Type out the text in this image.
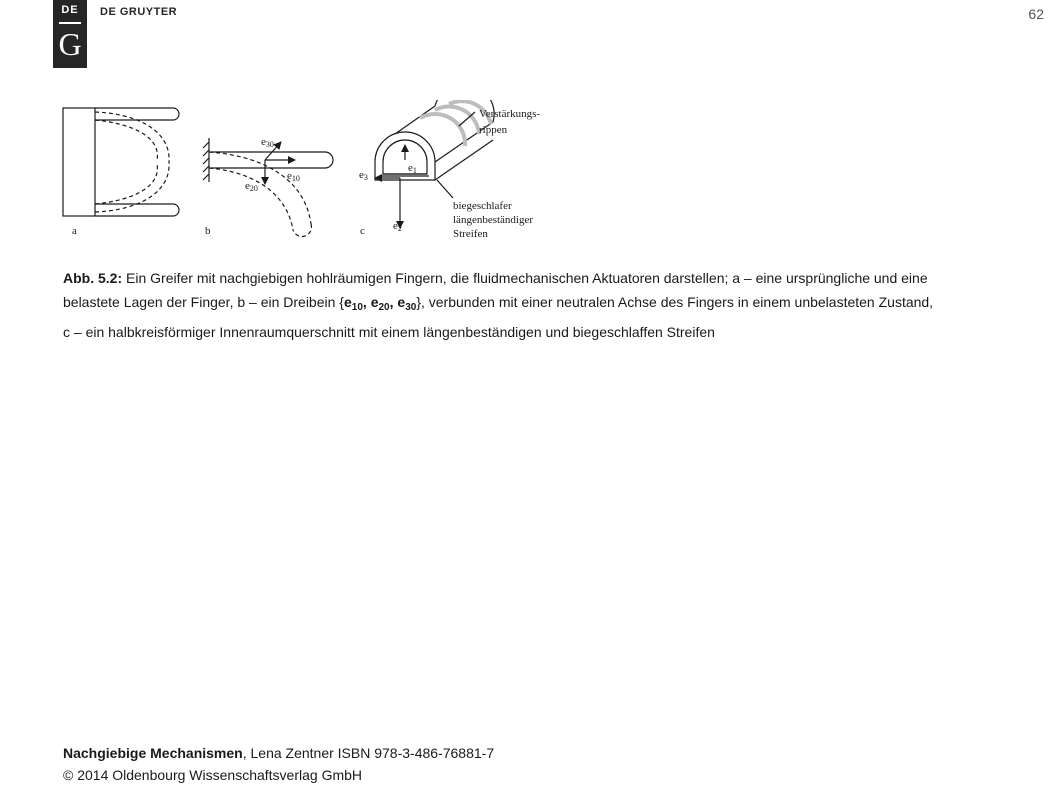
DE
G
DE GRUYTER	62
a	b	c
$e_{30}$
$e_{10}$
$e_{20}$
$e_1$
$e_2$
$e_3$
Verstärkungs-
rippen
biegeschlafer
längenbeständiger
Streifen
Abb. 5.2: Ein Greifer mit nachgiebigen hohlräumigen Fingern, die fluidmechanischen Aktuatoren darstellen; a – eine ursprüngliche und eine belastete Lagen der Finger, b – ein Dreibein {$e_{10}$, $e_{20}$, $e_{30}$}, verbunden mit einer neutralen Achse des Fingers in einem unbelasteten Zustand, c – ein halbkreisförmiger Innenraumquerschnitt mit einem längenbeständigen und biegeschlaffen Streifen
Nachgiebige Mechanismen, Lena Zentner ISBN 978-3-486-76881-7
© 2014 Oldenbourg Wissenschaftsverlag GmbH
